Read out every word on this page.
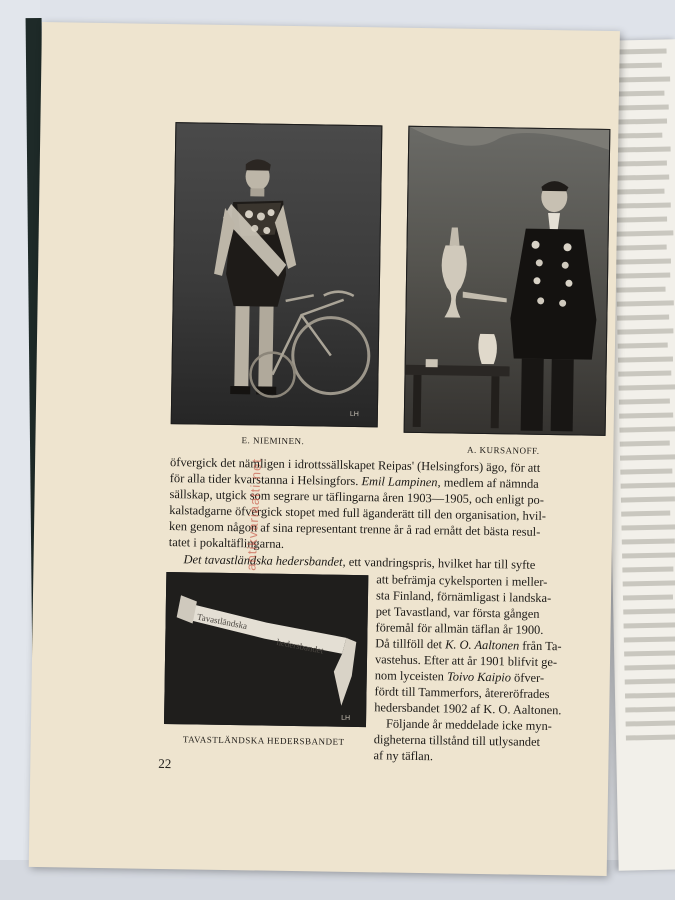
LH
E. NIEMINEN.
A. KURSANOFF.

öfvergick det nämligen i idrottssällskapet Reipas' (Helsingfors) ägo, för att

för alla tider kvarstanna i Helsingfors. Emil Lampinen, medlem af nämnda

sällskap, utgick som segrare ur täflingarna åren 1903—1905, och enligt po-

kalstadgarne öfvergick stopet med full äganderätt till den organisation, hvil-

ken genom någon af sina representant trenne år å rad ernått det bästa resul-

tatet i pokaltäflingarna.

Det tavastländska hedersbandet, ett vandringspris, hvilket har till syfte

Tavastländska
hedersbandet
LH
TAVASTLÄNDSKA HEDERSBANDET

att befrämja cykelsporten i meller-

sta Finland, förnämligast i landska-

pet Tavastland, var första gången

föremål för allmän täflan år 1900.

Då tillföll det K. O. Aaltonen från Ta-

vastehus. Efter att år 1901 blifvit ge-

nom lyceisten Toivo Kaipio öfver-

fördt till Tammerfors, återeröfrades

hedersbandet 1902 af K. O. Aaltonen.

Följande år meddelade icke myn-

digheterna tillstånd till utlysandet

af ny täflan.

22
antikvariaatti.net
